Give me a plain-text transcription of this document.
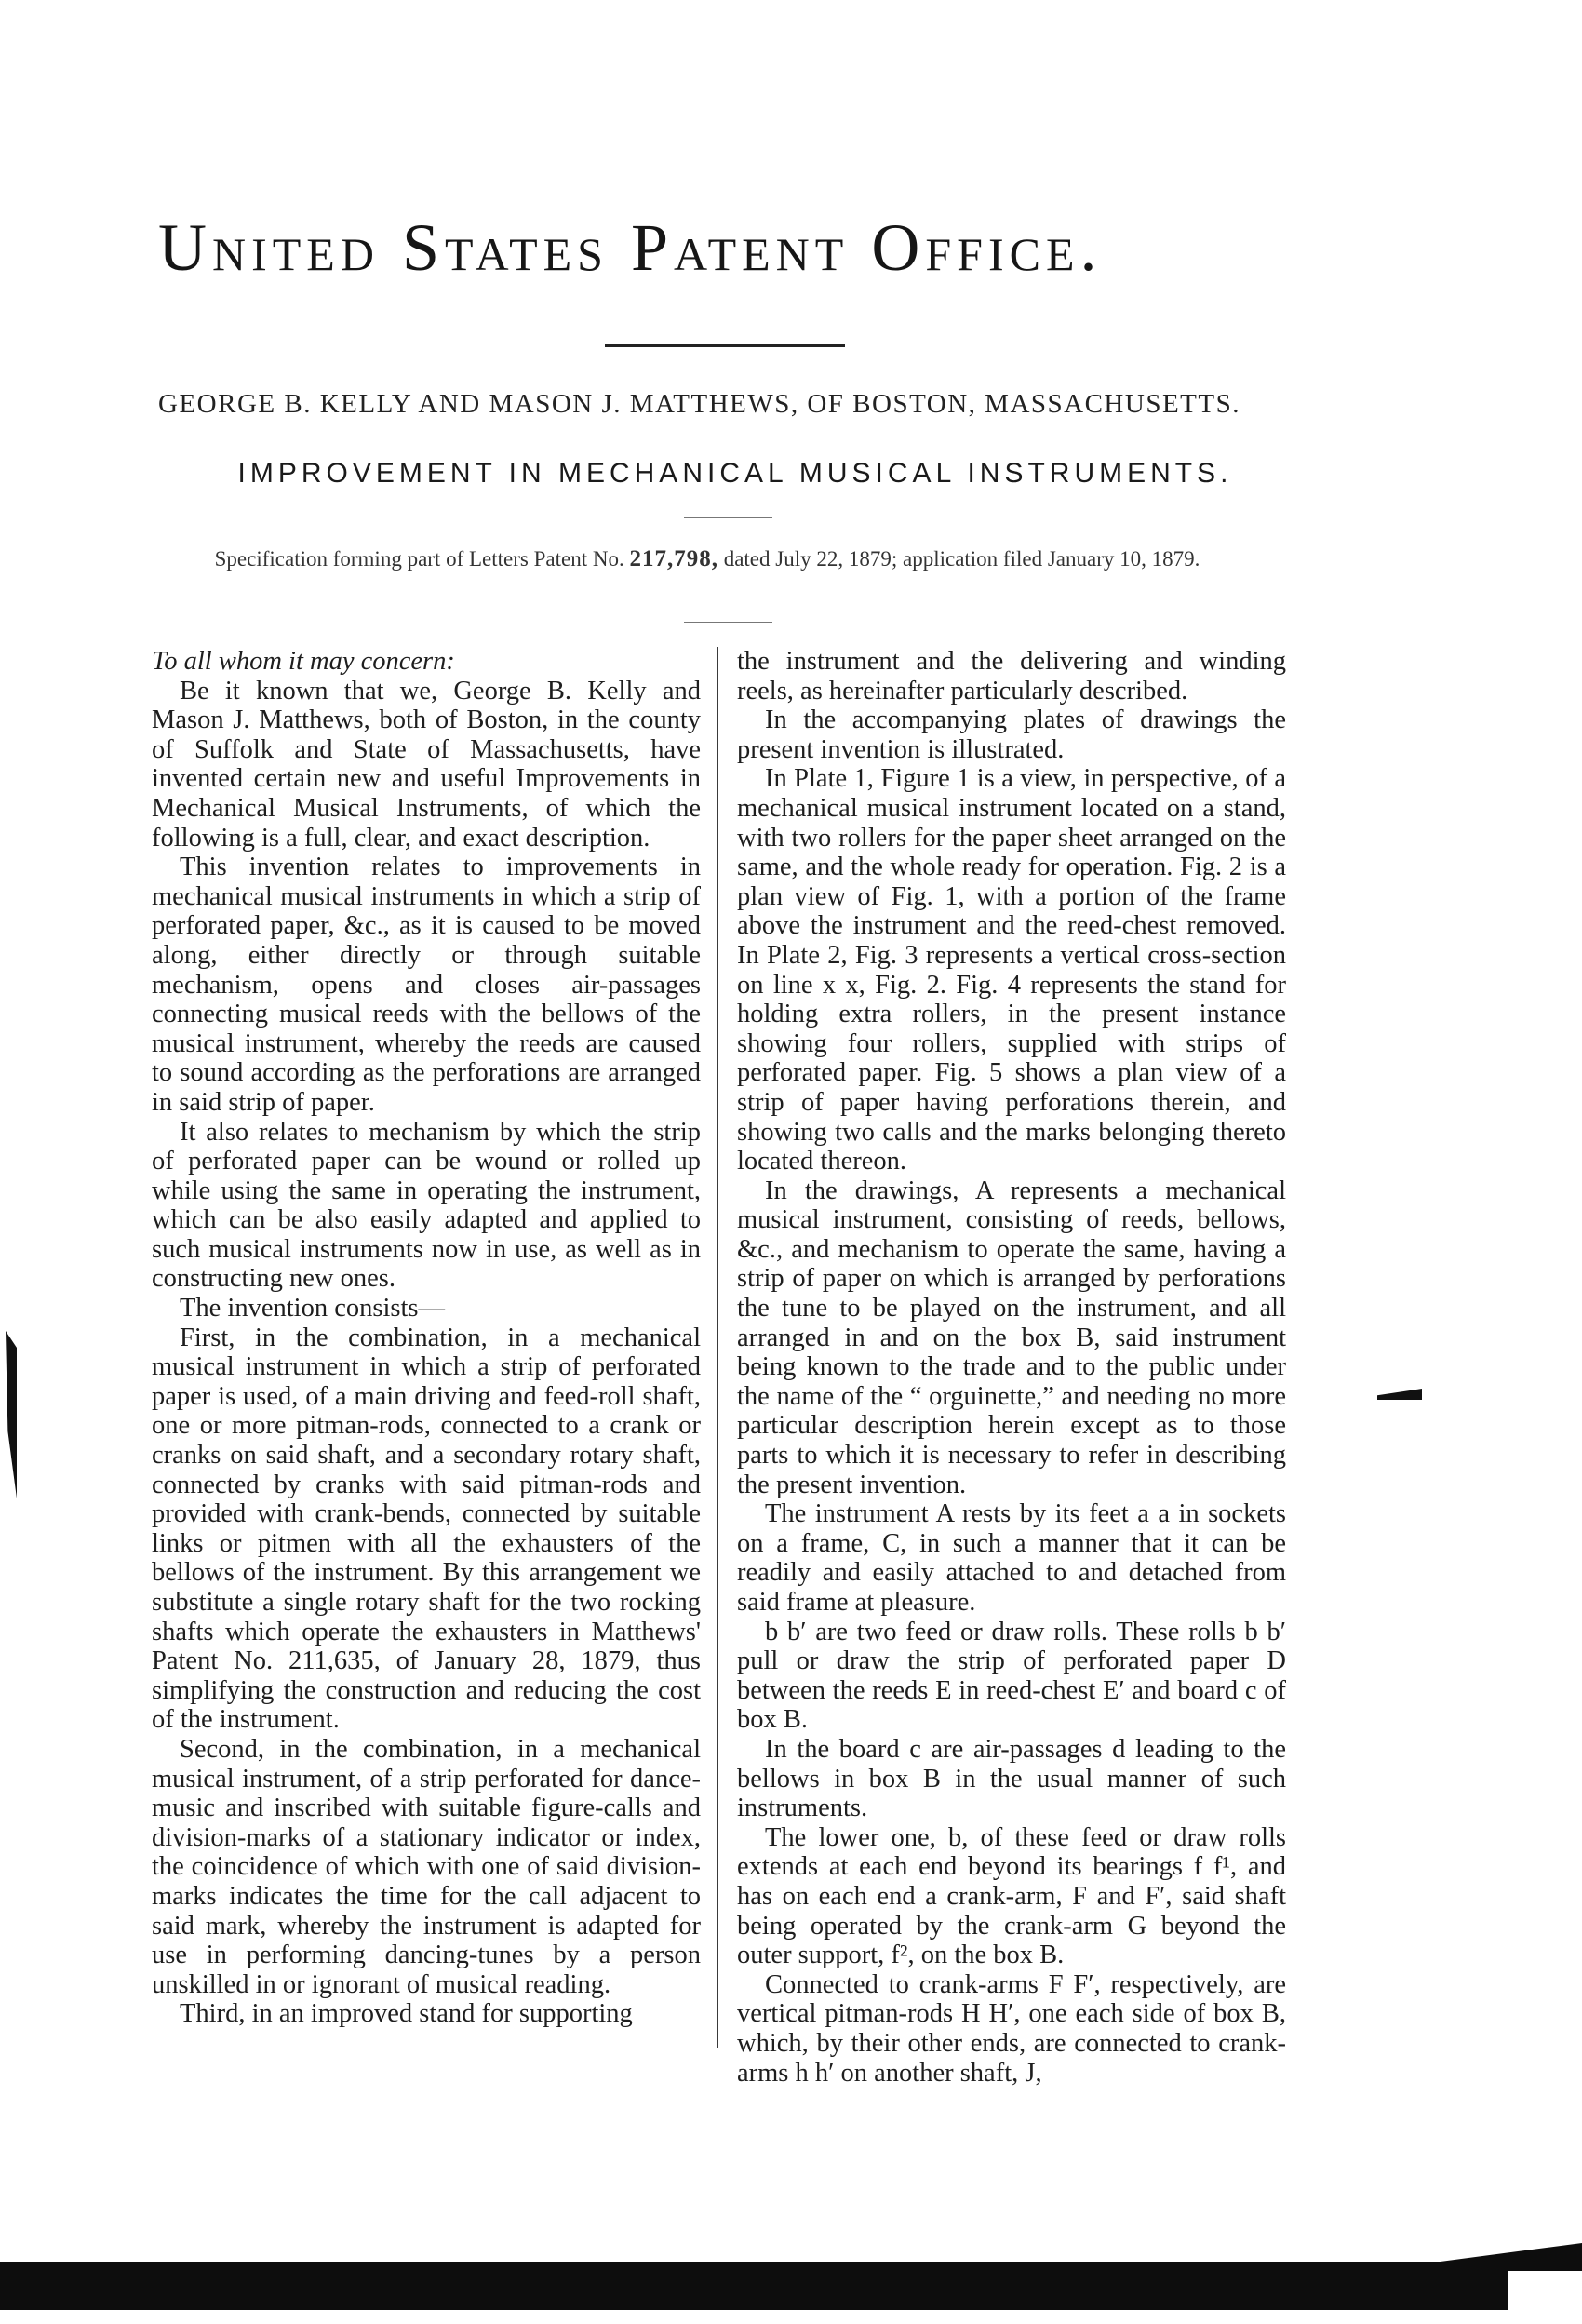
United States Patent Office.
GEORGE B. KELLY AND MASON J. MATTHEWS, OF BOSTON, MASSACHUSETTS.
IMPROVEMENT IN MECHANICAL MUSICAL INSTRUMENTS.
Specification forming part of Letters Patent No. 217,798, dated July 22, 1879; application filed January 10, 1879.

To all whom it may concern:

Be it known that we, George B. Kelly and Mason J. Matthews, both of Boston, in the county of Suffolk and State of Massachusetts, have invented certain new and useful Improvements in Mechanical Musical Instruments, of which the following is a full, clear, and exact description.

This invention relates to improvements in mechanical musical instruments in which a strip of perforated paper, &c., as it is caused to be moved along, either directly or through suitable mechanism, opens and closes air-passages connecting musical reeds with the bellows of the musical instrument, whereby the reeds are caused to sound according as the perforations are arranged in said strip of paper.

It also relates to mechanism by which the strip of perforated paper can be wound or rolled up while using the same in operating the instrument, which can be also easily adapted and applied to such musical instruments now in use, as well as in constructing new ones.

The invention consists—

First, in the combination, in a mechanical musical instrument in which a strip of perforated paper is used, of a main driving and feed-roll shaft, one or more pitman-rods, connected to a crank or cranks on said shaft, and a secondary rotary shaft, connected by cranks with said pitman-rods and provided with crank-bends, connected by suitable links or pitmen with all the exhausters of the bellows of the instrument. By this arrangement we substitute a single rotary shaft for the two rocking shafts which operate the exhausters in Matthews' Patent No. 211,635, of January 28, 1879, thus simplifying the construction and reducing the cost of the instrument.

Second, in the combination, in a mechanical musical instrument, of a strip perforated for dance-music and inscribed with suitable figure-calls and division-marks of a stationary indicator or index, the coincidence of which with one of said division-marks indicates the time for the call adjacent to said mark, whereby the instrument is adapted for use in performing dancing-tunes by a person unskilled in or ignorant of musical reading.

Third, in an improved stand for supporting

the instrument and the delivering and winding reels, as hereinafter particularly described.

In the accompanying plates of drawings the present invention is illustrated.

In Plate 1, Figure 1 is a view, in perspective, of a mechanical musical instrument located on a stand, with two rollers for the paper sheet arranged on the same, and the whole ready for operation. Fig. 2 is a plan view of Fig. 1, with a portion of the frame above the instrument and the reed-chest removed. In Plate 2, Fig. 3 represents a vertical cross-section on line x x, Fig. 2. Fig. 4 represents the stand for holding extra rollers, in the present instance showing four rollers, supplied with strips of perforated paper. Fig. 5 shows a plan view of a strip of paper having perforations therein, and showing two calls and the marks belonging thereto located thereon.

In the drawings, A represents a mechanical musical instrument, consisting of reeds, bellows, &c., and mechanism to operate the same, having a strip of paper on which is arranged by perforations the tune to be played on the instrument, and all arranged in and on the box B, said instrument being known to the trade and to the public under the name of the “ orguinette,” and needing no more particular description herein except as to those parts to which it is necessary to refer in describing the present invention.

The instrument A rests by its feet a a in sockets on a frame, C, in such a manner that it can be readily and easily attached to and detached from said frame at pleasure.

b b′ are two feed or draw rolls. These rolls b b′ pull or draw the strip of perforated paper D between the reeds E in reed-chest E′ and board c of box B.

In the board c are air-passages d leading to the bellows in box B in the usual manner of such instruments.

The lower one, b, of these feed or draw rolls extends at each end beyond its bearings f f¹, and has on each end a crank-arm, F and F′, said shaft being operated by the crank-arm G beyond the outer support, f², on the box B.

Connected to crank-arms F F′, respectively, are vertical pitman-rods H H′, one each side of box B, which, by their other ends, are connected to crank-arms h h′ on another shaft, J,
